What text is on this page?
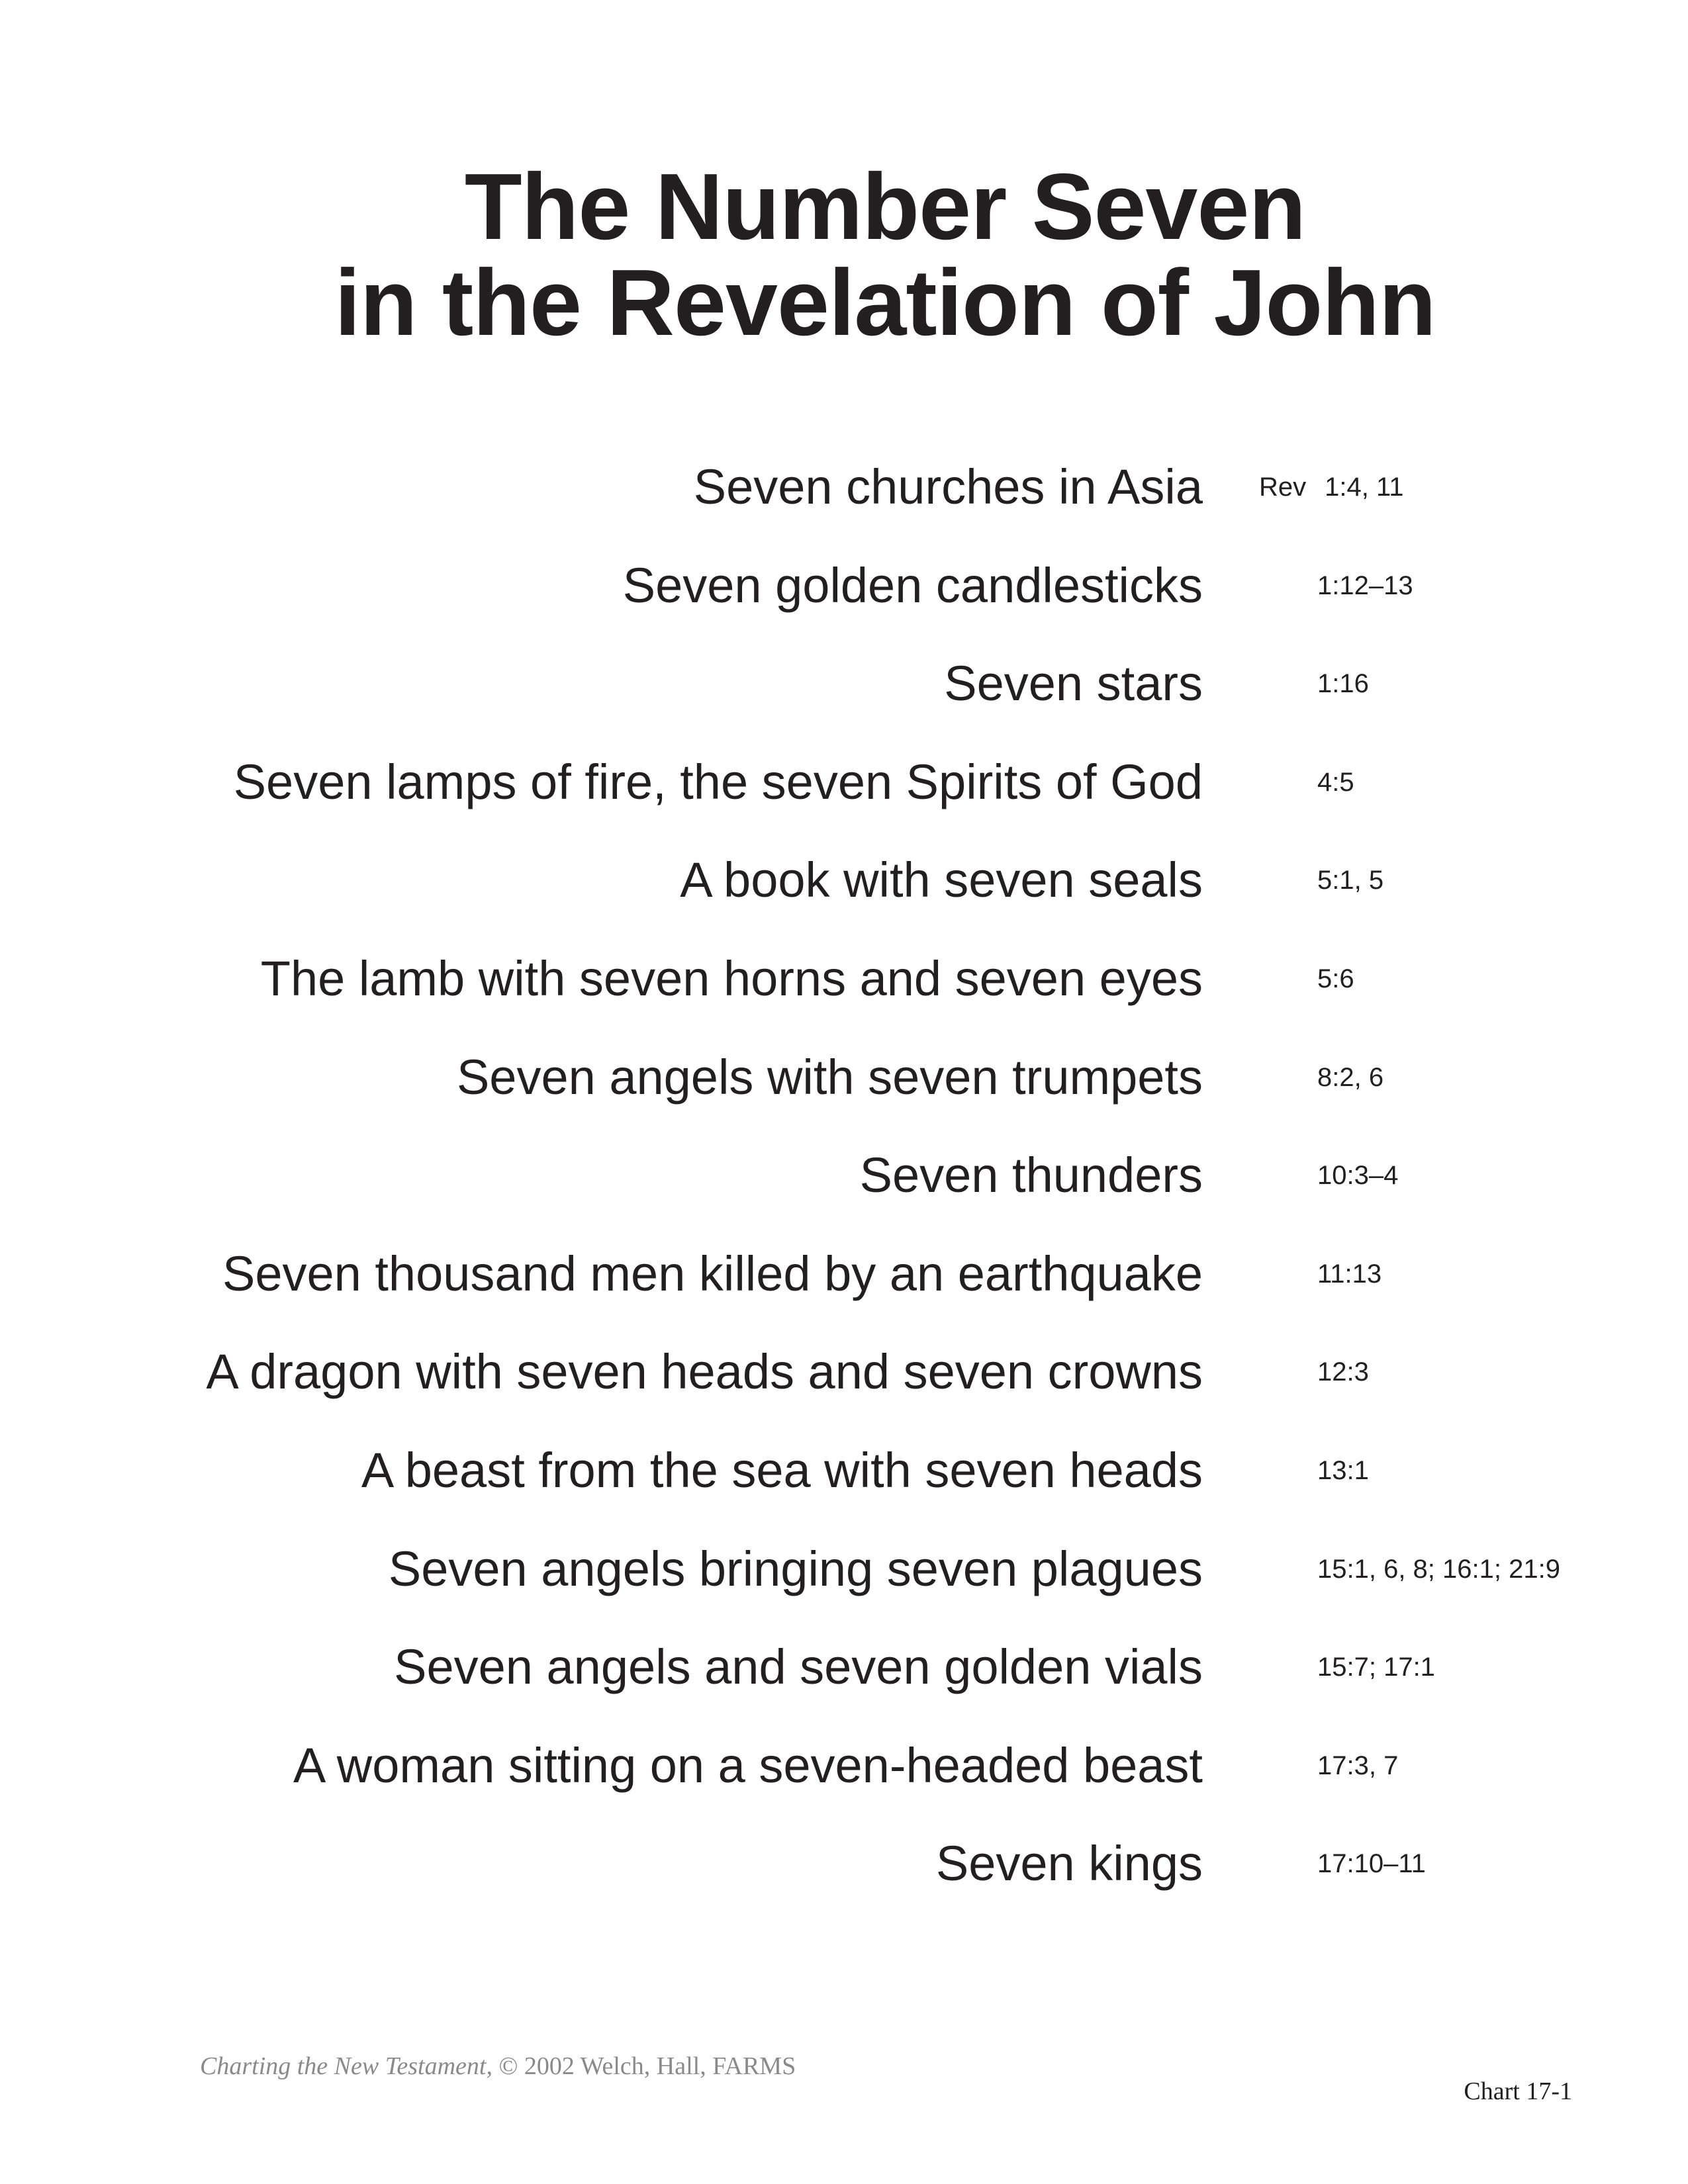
The Number Seven
in the Revelation of John
Seven churches in Asia Rev 1:4, 11
Seven golden candlesticks	1:12–13
Seven stars	1:16
Seven lamps of fire, the seven Spirits of God	4:5
A book with seven seals	5:1, 5
The lamb with seven horns and seven eyes	5:6
Seven angels with seven trumpets	8:2, 6
Seven thunders	10:3–4
Seven thousand men killed by an earthquake	11:13
A dragon with seven heads and seven crowns	12:3
A beast from the sea with seven heads	13:1
Seven angels bringing seven plagues	15:1, 6, 8; 16:1; 21:9
Seven angels and seven golden vials	15:7; 17:1
A woman sitting on a seven-headed beast	17:3, 7
Seven kings	17:10–11
Charting the New Testament, © 2002 Welch, Hall, FARMS
Chart 17-1
